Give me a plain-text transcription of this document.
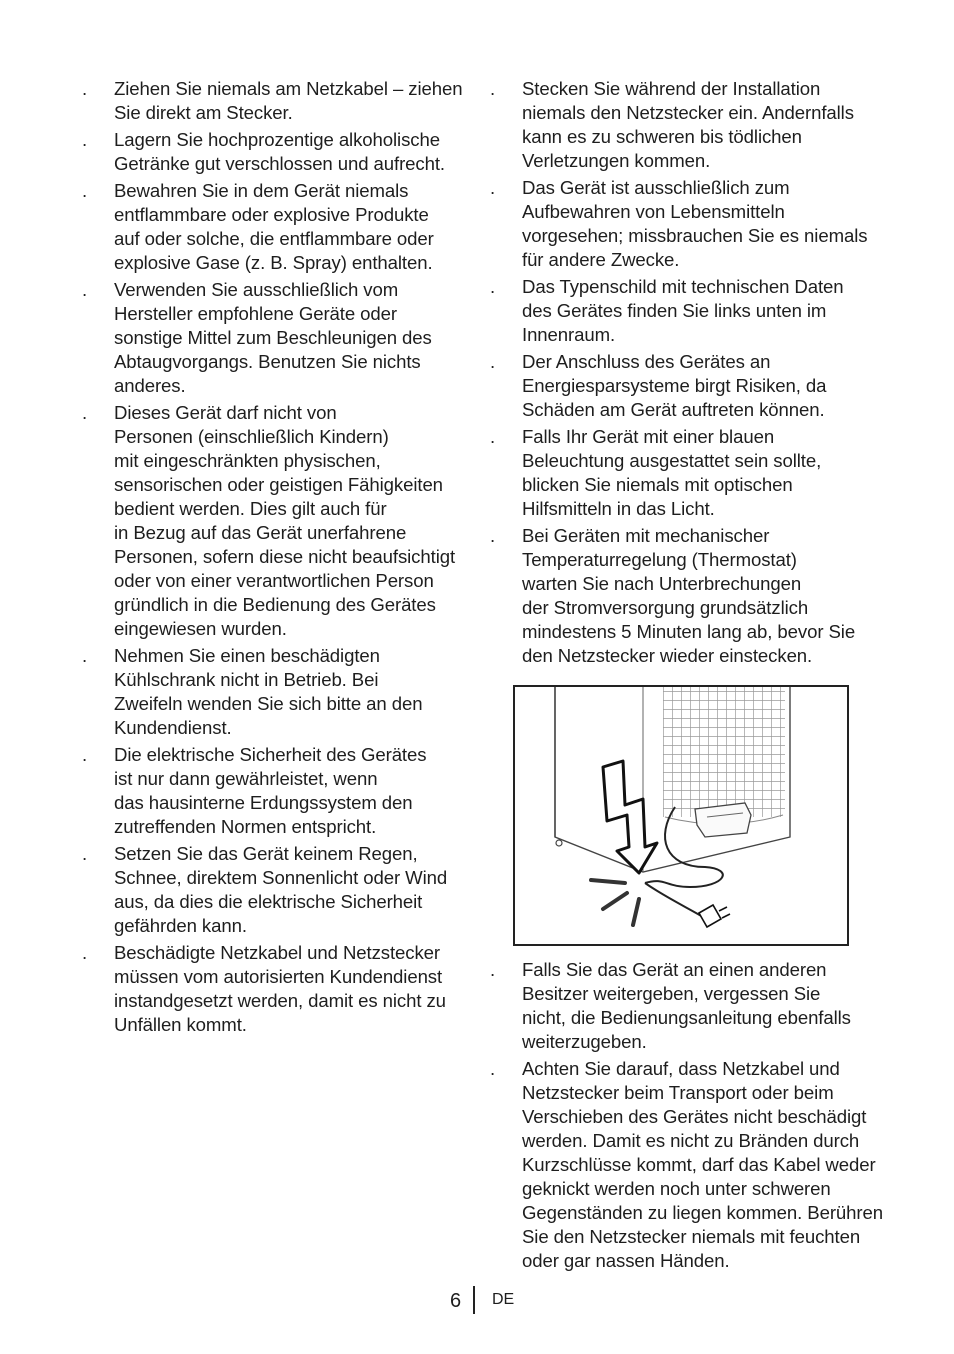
. Ziehen Sie niemals am Netzkabel – ziehen
Sie direkt am Stecker.
. Lagern Sie hochprozentige alkoholische
Getränke gut verschlossen und aufrecht.
. Bewahren Sie in dem Gerät niemals
entflammbare oder explosive Produkte
auf oder solche, die entflammbare oder
explosive Gase (z. B. Spray) enthalten.
. Verwenden Sie ausschließlich vom
Hersteller empfohlene Geräte oder
sonstige Mittel zum Beschleunigen des
Abtaugvorgangs. Benutzen Sie nichts
anderes.
. Dieses Gerät darf nicht von
Personen (einschließlich Kindern)
mit eingeschränkten physischen,
sensorischen oder geistigen Fähigkeiten
bedient werden. Dies gilt auch für
in Bezug auf das Gerät unerfahrene
Personen, sofern diese nicht beaufsichtigt
oder von einer verantwortlichen Person
gründlich in die Bedienung des Gerätes
eingewiesen wurden.
. Nehmen Sie einen beschädigten
Kühlschrank nicht in Betrieb. Bei
Zweifeln wenden Sie sich bitte an den
Kundendienst.
. Die elektrische Sicherheit des Gerätes
ist nur dann gewährleistet, wenn
das hausinterne Erdungssystem den
zutreffenden Normen entspricht.
. Setzen Sie das Gerät keinem Regen,
Schnee, direktem Sonnenlicht oder Wind
aus, da dies die elektrische Sicherheit
gefährden kann.
. Beschädigte Netzkabel und Netzstecker
müssen vom autorisierten Kundendienst
instandgesetzt werden, damit es nicht zu
Unfällen kommt.
. Stecken Sie während der Installation
niemals den Netzstecker ein. Andernfalls
kann es zu schweren bis tödlichen
Verletzungen kommen.
. Das Gerät ist ausschließlich zum
Aufbewahren von Lebensmitteln
vorgesehen; missbrauchen Sie es niemals
für andere Zwecke.
. Das Typenschild mit technischen Daten
des Gerätes finden Sie links unten im
Innenraum.
. Der Anschluss des Gerätes an
Energiesparsysteme birgt Risiken, da
Schäden am Gerät auftreten können.
. Falls Ihr Gerät mit einer blauen
Beleuchtung ausgestattet sein sollte,
blicken Sie niemals mit optischen
Hilfsmitteln in das Licht.
. Bei Geräten mit mechanischer
Temperaturregelung (Thermostat)
warten Sie nach Unterbrechungen
der Stromversorgung grundsätzlich
mindestens 5 Minuten lang ab, bevor Sie
den Netzstecker wieder einstecken.
. Falls Sie das Gerät an einen anderen
Besitzer weitergeben, vergessen Sie
nicht, die Bedienungsanleitung ebenfalls
weiterzugeben.
. Achten Sie darauf, dass Netzkabel und
Netzstecker beim Transport oder beim
Verschieben des Gerätes nicht beschädigt
werden. Damit es nicht zu Bränden durch
Kurzschlüsse kommt, darf das Kabel weder
geknickt werden noch unter schweren
Gegenständen zu liegen kommen. Berühren
Sie den Netzstecker niemals mit feuchten
oder gar nassen Händen.
6 DE
